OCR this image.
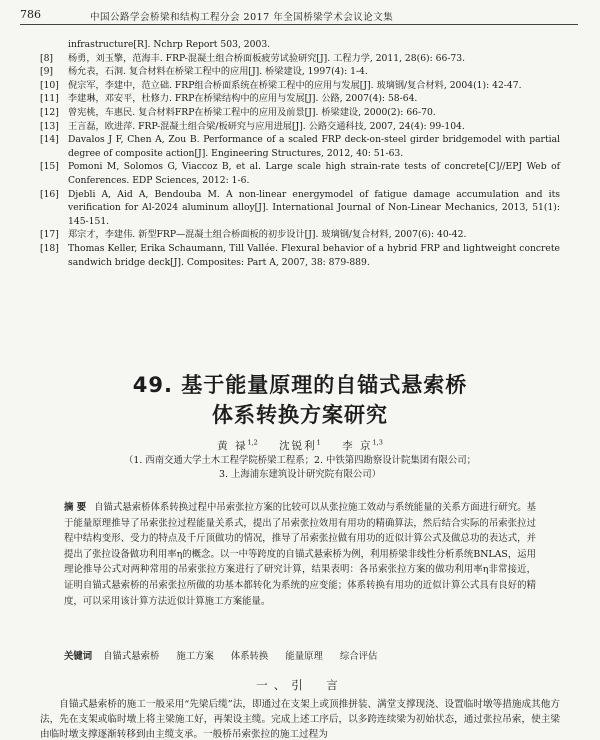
786	中国公路学会桥梁和结构工程分会 2017 年全国桥梁学术会议论文集

infrastructure[R]. Nchrp Report 503, 2003.

[8] 杨勇，刘玉擎，范海丰. FRP-混凝土组合桥面板疲劳试验研究[J]. 工程力学, 2011, 28(6): 66-73.

[9] 杨允表，石洞. 复合材料在桥梁工程中的应用[J]. 桥梁建设, 1997(4): 1-4.

[10] 倪宗军，李建中，范立础. FRP组合桥面系统在桥梁工程中的应用与发展[J]. 玻璃钢/复合材料, 2004(1): 42-47.

[11] 李建琳，邓安平，杜修力. FRP在桥梁结构中的应用与发展[J]. 公路, 2007(4): 58-64.

[12] 曾宪桃，车惠民. 复合材料FRP在桥梁工程中的应用及前景[J]. 桥梁建设, 2000(2): 66-70.

[13] 王言磊，欧进萍. FRP-混凝土组合梁/板研究与应用进展[J]. 公路交通科技, 2007, 24(4): 99-104.

[14] Davalos J F, Chen A, Zou B. Performance of a scaled FRP deck-on-steel girder bridgemodel with partial degree of composite action[J]. Engineering Structures, 2012, 40: 51-63.

[15] Pomoni M, Solomos G, Viaccoz B, et al. Large scale high strain-rate tests of concrete[C]//EPJ Web of Conferences. EDP Sciences, 2012: 1-6.

[16] Djebli A, Aid A, Bendouba M. A non-linear energymodel of fatigue damage accumulation and its verification for Al-2024 aluminum alloy[J]. International Journal of Non-Linear Mechanics, 2013, 51(1): 145-151.

[17] 郑宗才，李建伟. 新型FRP—混凝土组合桥面板的初步设计[J]. 玻璃钢/复合材料, 2007(6): 40-42.

[18] Thomas Keller, Erika Schaumann, Till Vallée. Flexural behavior of a hybrid FRP and lightweight concrete sandwich bridge deck[J]. Composites: Part A, 2007, 38: 879-889.

49. 基于能量原理的自锚式悬索桥
体系转换方案研究
黄 禄$^{1,2}$ 沈锐利$^1$ 李 京$^{1,3}$
（1. 西南交通大学土木工程学院桥梁工程系；2. 中铁第四勘察设计院集团有限公司；
3. 上海浦东建筑设计研究院有限公司）
摘 要 自锚式悬索桥体系转换过程中吊索张拉方案的比较可以从张拉施工效动与系统能量的关系方面进行研究。基于能量原理推导了吊索张拉过程能量关系式，提出了吊索张拉效用有用功的精确算法，然后结合实际的吊索张拉过程中结构变形、受力的特点及千斤顶做功的情况，推导了吊索张拉做有用功的近似计算公式及做总功的表达式，并提出了张拉设备做功利用率η的概念。以一中等跨度的自锚式悬索桥为例，利用桥梁非线性分析系统BNLAS，运用理论推导公式对两种常用的吊索张拉方案进行了研究计算，结果表明：各吊索张拉方案的做功利用率η非常接近，证明自锚式悬索桥的吊索张拉所做的功基本都转化为系统的应变能；体系转换有用功的近似计算公式具有良好的精度，可以采用该计算方法近似计算施工方案能量。
关键词 自锚式悬索桥 施工方案 体系转换 能量原理 综合评估
一、引　言
自锚式悬索桥的施工一般采用“先梁后缆”法，即通过在支架上或顶推拼装、满堂支撑现浇、设置临时墩等措施成其他方法，先在支架或临时墩上将主梁施工好，再架设主缆。完成上述工序后，以多跨连续梁为初始状态，通过张拉吊索，使主梁由临时墩支撑逐渐转移到由主缆支承。一般桥吊索张拉的施工过程为
